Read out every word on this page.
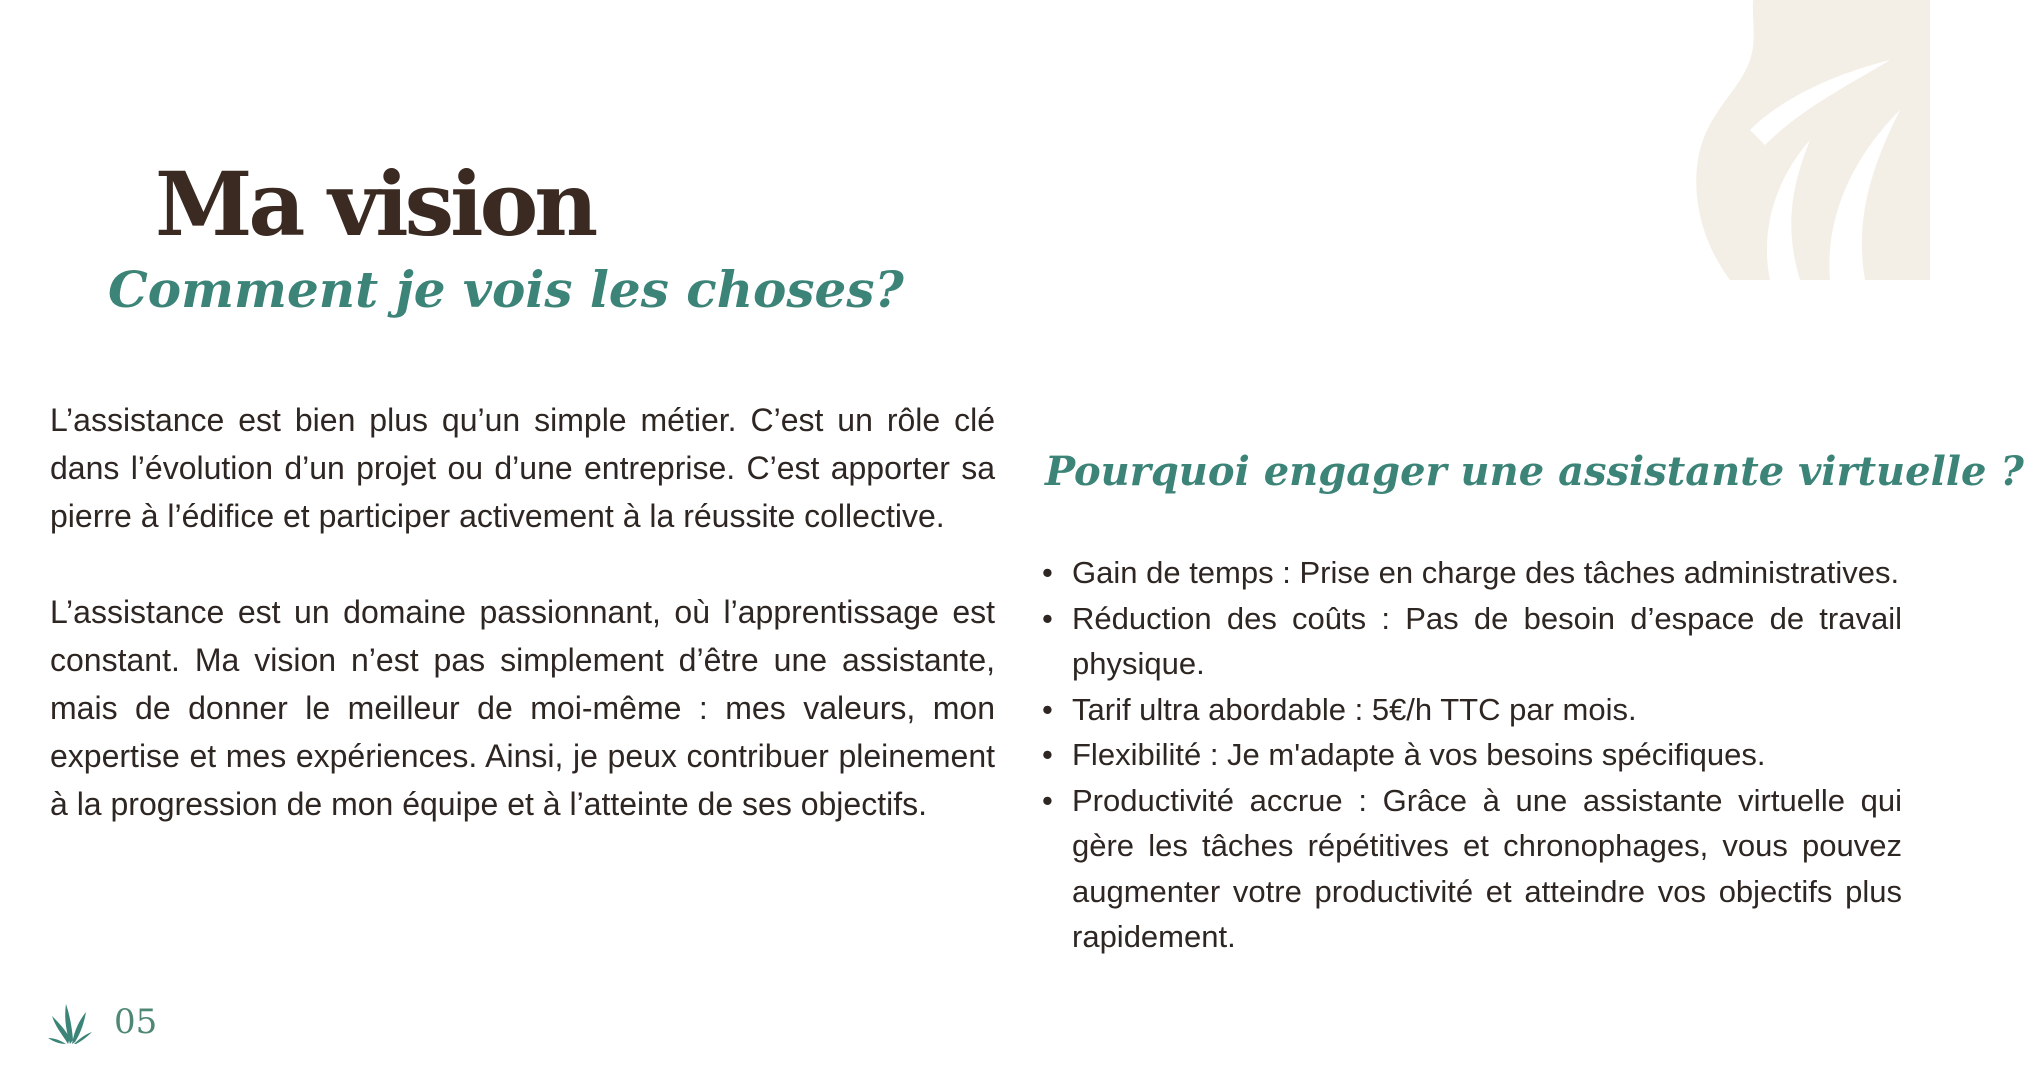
Ma vision
Comment je vois les choses?

L’assistance est bien plus qu’un simple métier. C’est un rôle clé dans l’évolution d’un projet ou d’une entreprise. C’est apporter sa pierre à l’édifice et participer activement à la réussite collective.

L’assistance est un domaine passionnant, où l’apprentissage est constant. Ma vision n’est pas simplement d’être une assistante, mais de donner le meilleur de moi-même : mes valeurs, mon expertise et mes expériences. Ainsi, je peux contribuer pleinement à la progression de mon équipe et à l’atteinte de ses objectifs.

Pourquoi engager une assistante virtuelle ?
• Gain de temps : Prise en charge des tâches administratives.
• Réduction des coûts : Pas de besoin d’espace de travail physique.
• Tarif ultra abordable : 5€/h TTC par mois.
• Flexibilité : Je m'adapte à vos besoins spécifiques.
• Productivité accrue : Grâce à une assistante virtuelle qui gère les tâches répétitives et chronophages, vous pouvez augmenter votre productivité et atteindre vos objectifs plus rapidement.
05
